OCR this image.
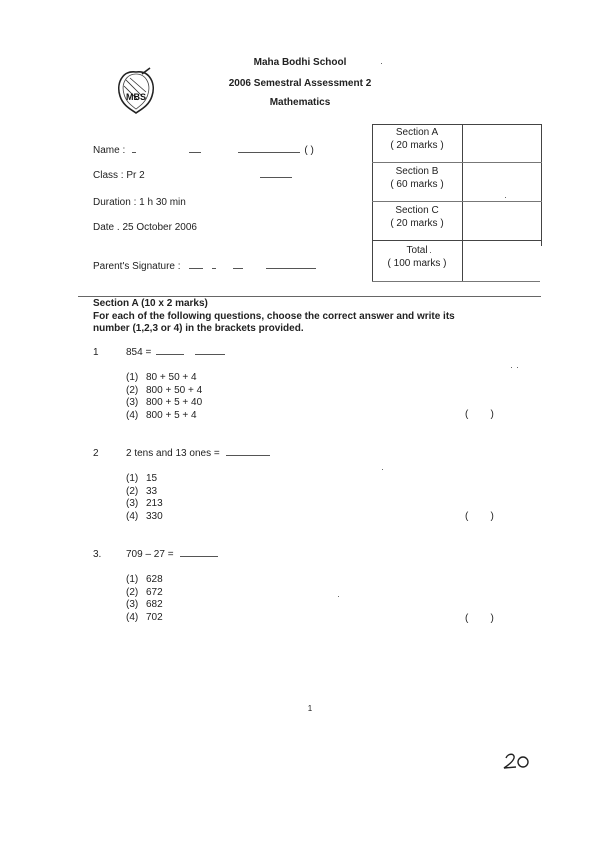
Maha Bodhi School
2006 Semestral Assessment 2
Mathematics
MBS
Name :	( )
Class : Pr 2
Duration : 1 h 30 min
Date . 25 October 2006
Parent's Signature :
Section A
( 20 marks )
Section B
( 60 marks )
Section C
( 20 marks )
Total
( 100 marks )
Section A (10 x 2 marks)
For each of the following questions, choose the correct answer and write its
number (1,2,3 or 4) in the brackets provided.
1	854 =
(1) 80 + 50 + 4
(2) 800 + 50 + 4
(3) 800 + 5 + 40
(4) 800 + 5 + 4	(        )
2	2 tens and 13 ones =
(1) 15
(2) 33
(3) 213
(4) 330	(        )
3. 709 – 27 =
(1) 628
(2) 672
(3) 682
(4) 702	(        )
1
